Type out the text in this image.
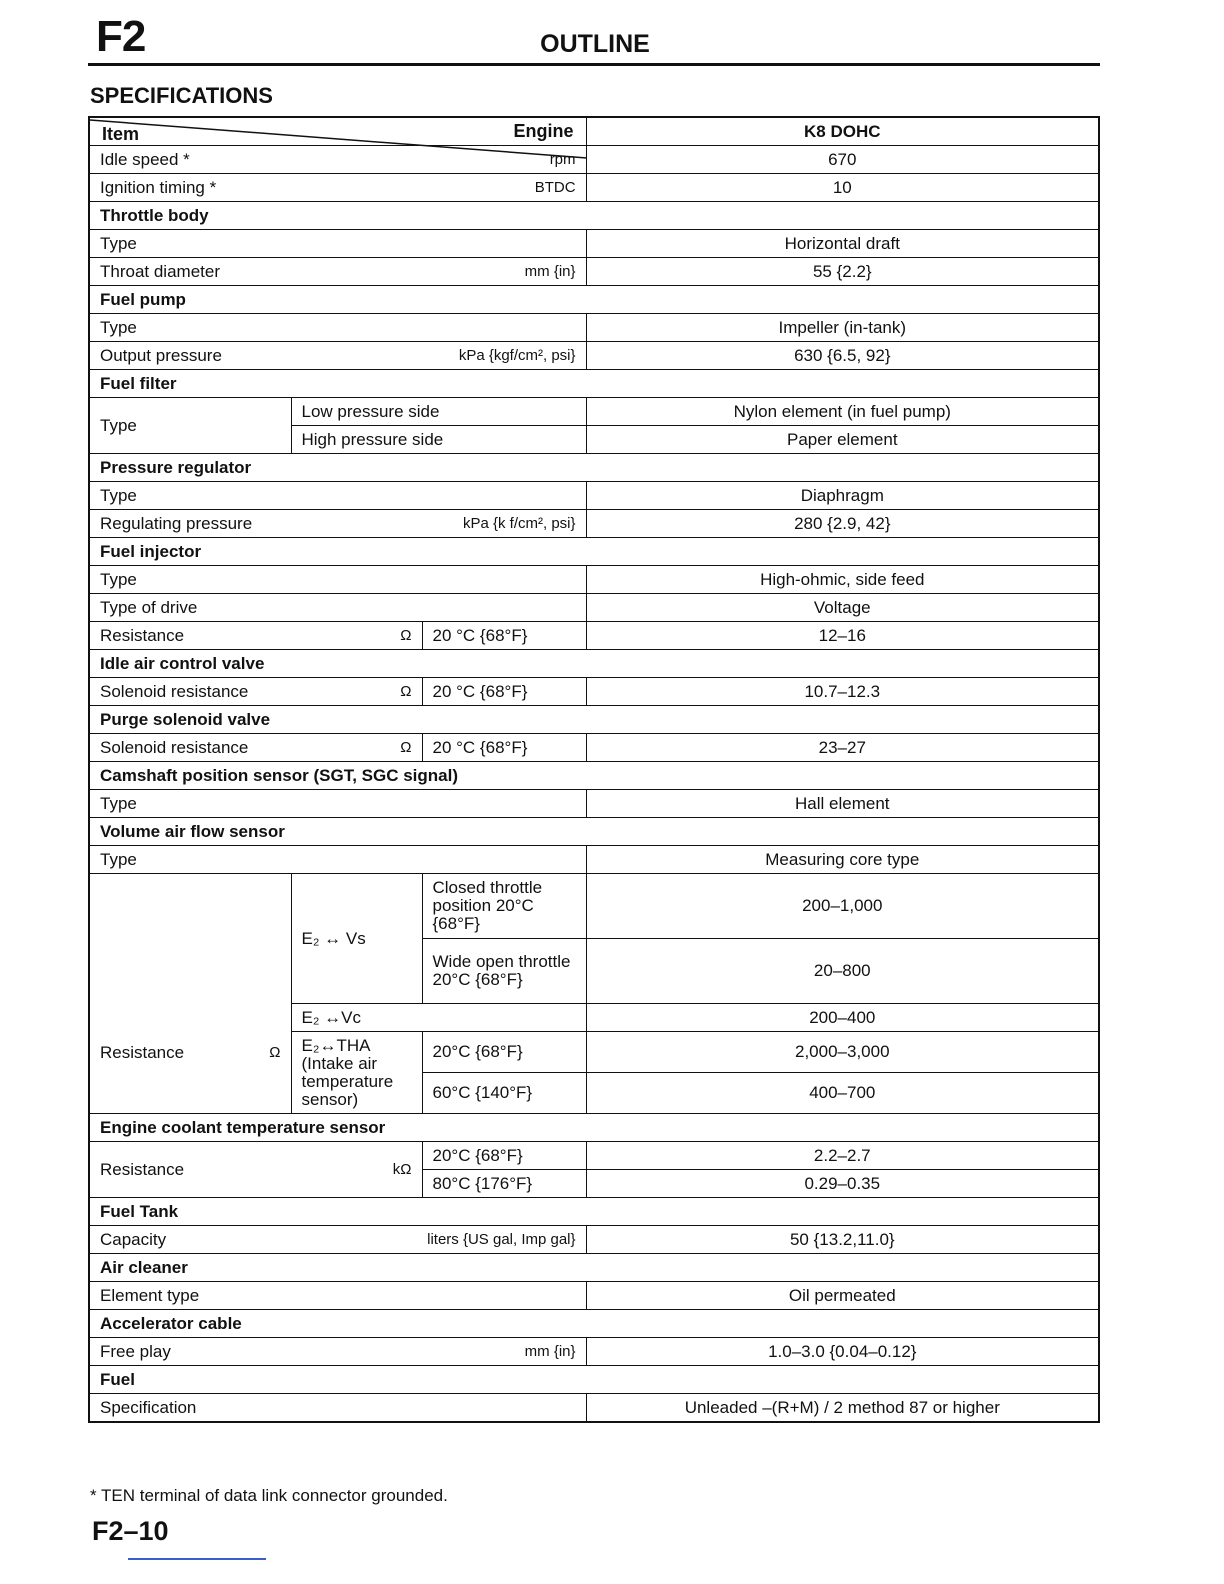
F2	OUTLINE
SPECIFICATIONS
Engine
Item			K8 DOHC

Idle speed * rpm			670

Ignition timing * BTDC			10
Throttle body			
Type			Horizontal draft

Throat diameter mm {in}			55 {2.2}
Fuel pump			
Type			Impeller (in-tank)

Output pressure kPa {kgf/cm², psi}			630 {6.5, 92}
Fuel filter			
Type	Low pressure side		Nylon element (in fuel pump)
	High pressure side		Paper element
Pressure regulator			
Type			Diaphragm

Regulating pressure kPa {k f/cm², psi}			280 {2.9, 42}
Fuel injector			
Type			High-ohmic, side feed
Type of drive			Voltage

Resistance Ω		20 °C {68°F}	12–16
Idle air control valve			

Solenoid resistance Ω		20 °C {68°F}	10.7–12.3
Purge solenoid valve			

Solenoid resistance Ω		20 °C {68°F}	23–27
Camshaft position sensor (SGT, SGC signal)			
Type			Hall element
Volume air flow sensor			
Type			Measuring core type

Resistance Ω	E₂ ↔ Vs	Closed throttle position 20°C {68°F}	200–1,000
		Wide open throttle 20°C {68°F}	20–800
	E₂ ↔Vc		200–400
	E₂↔THA (Intake air temperature sensor)	20°C {68°F}	2,000–3,000
		60°C {140°F}	400–700
Engine coolant temperature sensor			

Resistance kΩ		20°C {68°F}	2.2–2.7
		80°C {176°F}	0.29–0.35
Fuel Tank			

Capacity liters {US gal, Imp gal}			50 {13.2,11.0}
Air cleaner			
Element type			Oil permeated
Accelerator cable			

Free play mm {in}			1.0–3.0 {0.04–0.12}
Fuel			
Specification			Unleaded –(R+M) / 2 method 87 or higher
* TEN terminal of data link connector grounded.
F2–10
